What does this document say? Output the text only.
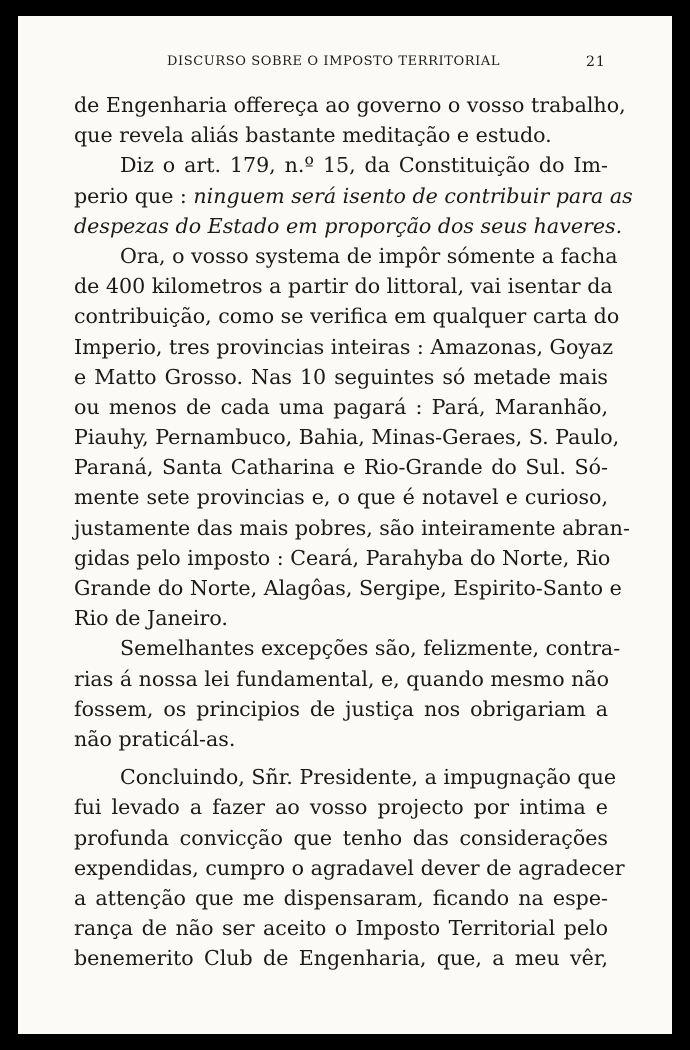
DISCURSO SOBRE O IMPOSTO TERRITORIAL	21
de Engenharia offereça ao governo o vosso trabalho,
que revela aliás bastante meditação e estudo.
Diz o art. 179, n.º 15, da Constituição do Im-
perio que : ninguem será isento de contribuir para as
despezas do Estado em proporção dos seus haveres.
Ora, o vosso systema de impôr sómente a facha
de 400 kilometros a partir do littoral, vai isentar da
contribuição, como se verifica em qualquer carta do
Imperio, tres provincias inteiras : Amazonas, Goyaz
e Matto Grosso. Nas 10 seguintes só metade mais
ou menos de cada uma pagará : Pará, Maranhão,
Piauhy, Pernambuco, Bahia, Minas-Geraes, S. Paulo,
Paraná, Santa Catharina e Rio-Grande do Sul. Só-
mente sete provincias e, o que é notavel e curioso,
justamente das mais pobres, são inteiramente abran-
gidas pelo imposto : Ceará, Parahyba do Norte, Rio
Grande do Norte, Alagôas, Sergipe, Espirito-Santo e
Rio de Janeiro.
Semelhantes excepções são, felizmente, contra-
rias á nossa lei fundamental, e, quando mesmo não
fossem, os principios de justiça nos obrigariam a
não praticál-as.
Concluindo, Sñr. Presidente, a impugnação que
fui levado a fazer ao vosso projecto por intima e
profunda convicção que tenho das considerações
expendidas, cumpro o agradavel dever de agradecer
a attenção que me dispensaram, ficando na espe-
rança de não ser aceito o Imposto Territorial pelo
benemerito Club de Engenharia, que, a meu vêr,
